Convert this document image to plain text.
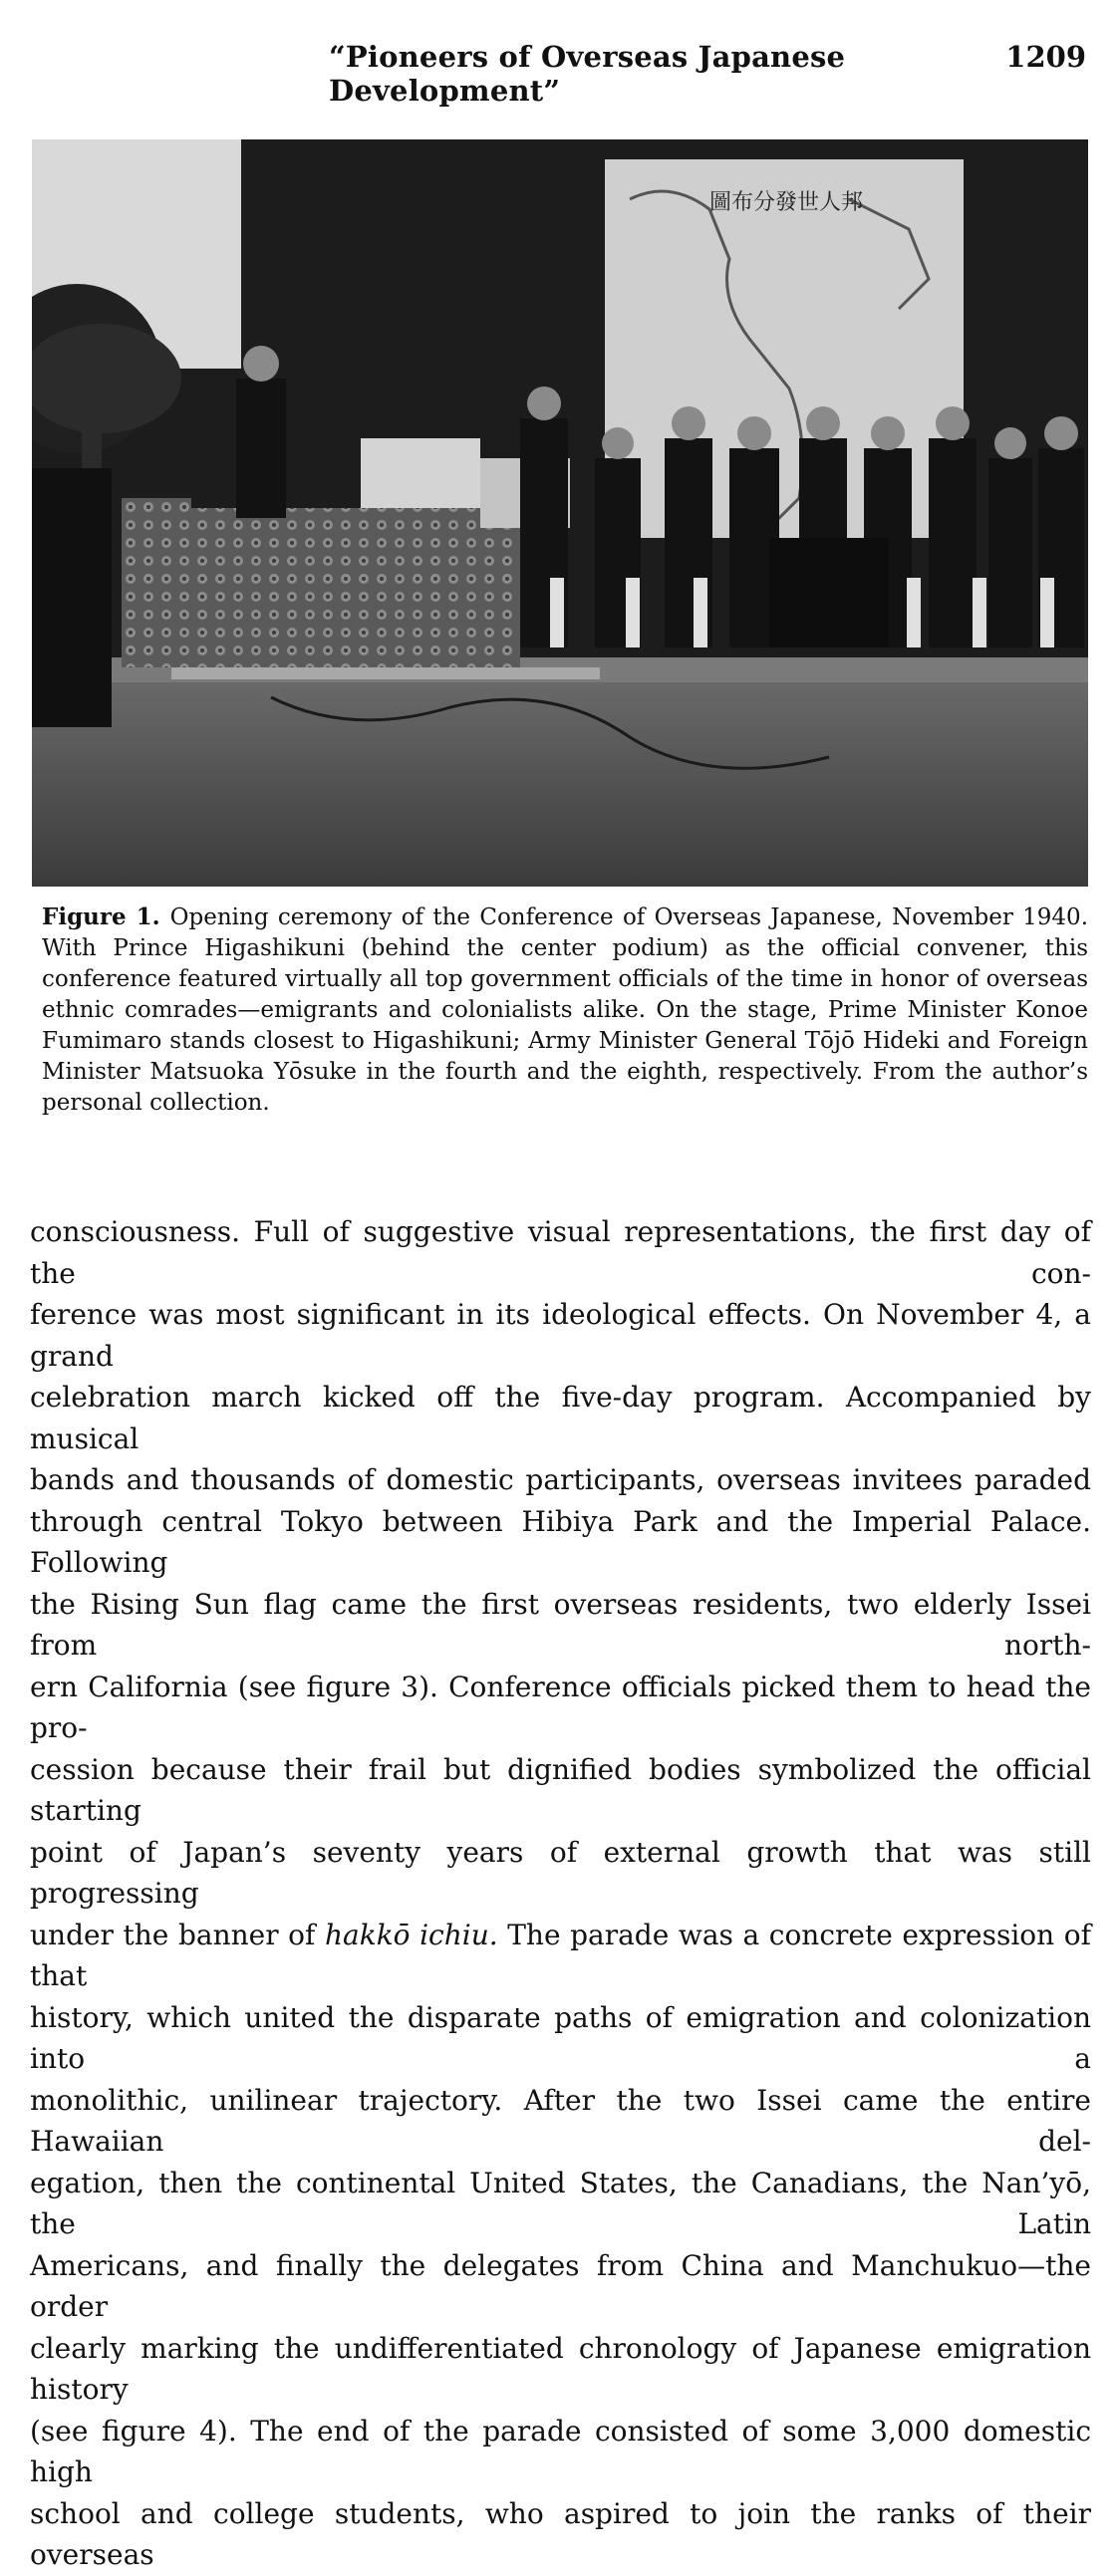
“Pioneers of Overseas Japanese Development”
1209
圖布分發世人邦
Figure 1. Opening ceremony of the Conference of Overseas Japanese, November 1940. With Prince Higashikuni (behind the center podium) as the official convener, this conference featured virtually all top government officials of the time in honor of overseas ethnic comrades—emigrants and colonialists alike. On the stage, Prime Minister Konoe Fumimaro stands closest to Higashikuni; Army Minister General Tōjō Hideki and Foreign Minister Matsuoka Yōsuke in the fourth and the eighth, respectively. From the author’s personal collection.

consciousness. Full of suggestive visual representations, the first day of the con-

ference was most significant in its ideological effects. On November 4, a grand

celebration march kicked off the five-day program. Accompanied by musical

bands and thousands of domestic participants, overseas invitees paraded

through central Tokyo between Hibiya Park and the Imperial Palace. Following

the Rising Sun flag came the first overseas residents, two elderly Issei from north-

ern California (see figure 3). Conference officials picked them to head the pro-

cession because their frail but dignified bodies symbolized the official starting

point of Japan’s seventy years of external growth that was still progressing

under the banner of hakkō ichiu. The parade was a concrete expression of that

history, which united the disparate paths of emigration and colonization into a

monolithic, unilinear trajectory. After the two Issei came the entire Hawaiian del-

egation, then the continental United States, the Canadians, the Nan’yō, the Latin

Americans, and finally the delegates from China and Manchukuo—the order

clearly marking the undifferentiated chronology of Japanese emigration history

(see figure 4). The end of the parade consisted of some 3,000 domestic high

school and college students, who aspired to join the ranks of their overseas
